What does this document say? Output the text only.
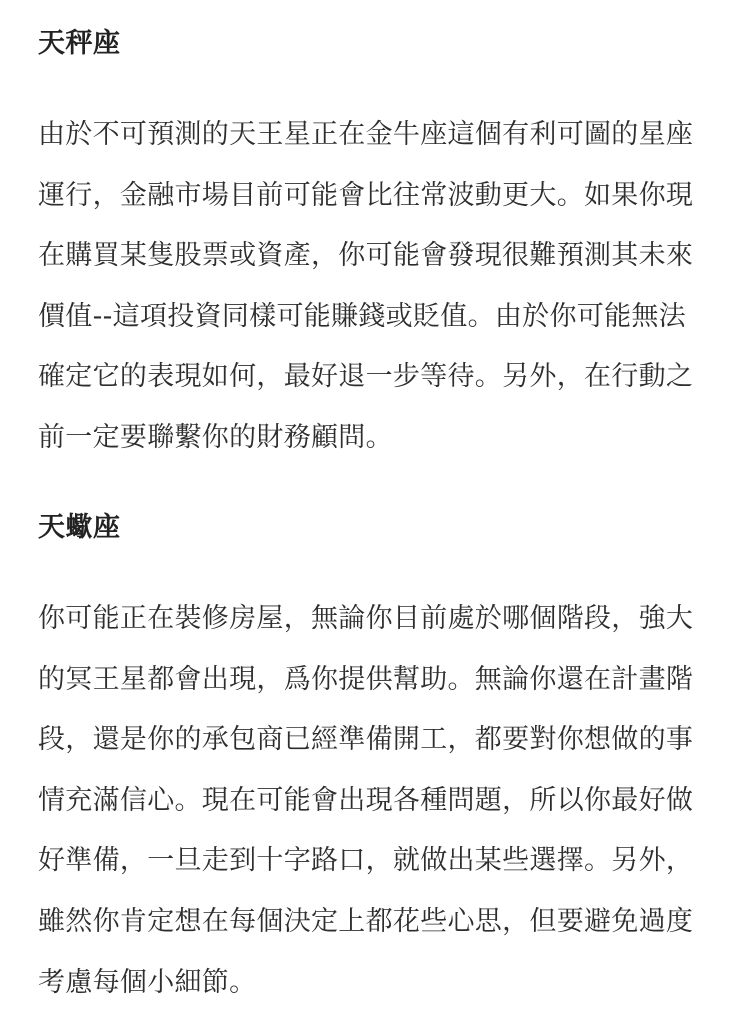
天秤座

由於不可預測的天王星正在金牛座這個有利可圖的星座運行，金融市場目前可能會比往常波動更大。如果你現在購買某隻股票或資產，你可能會發現很難預測其未來價值--這項投資同樣可能賺錢或貶值。由於你可能無法確定它的表現如何，最好退一步等待。另外，在行動之前一定要聯繫你的財務顧問。

天蠍座

你可能正在裝修房屋，無論你目前處於哪個階段，強大的冥王星都會出現，爲你提供幫助。無論你還在計畫階段，還是你的承包商已經準備開工，都要對你想做的事情充滿信心。現在可能會出現各種問題，所以你最好做好準備，一旦走到十字路口，就做出某些選擇。另外，雖然你肯定想在每個決定上都花些心思，但要避免過度考慮每個小細節。
